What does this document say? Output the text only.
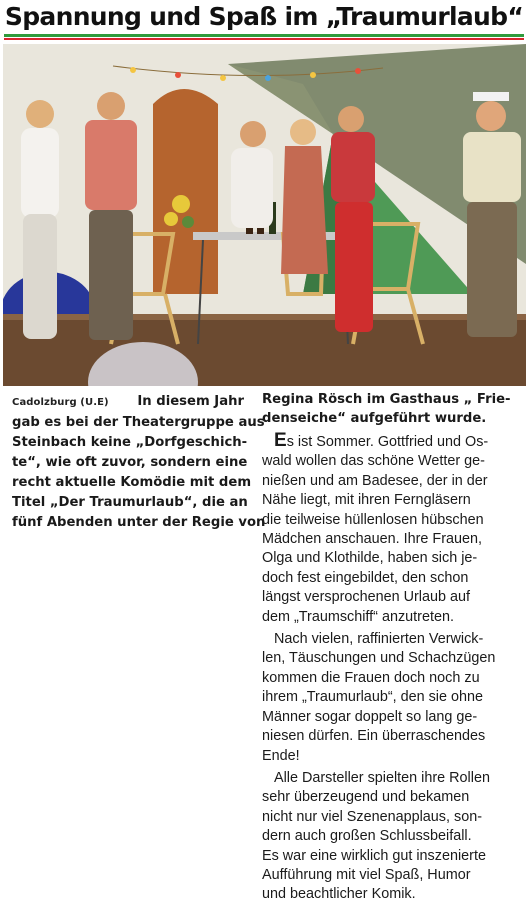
Spannung und Spaß im „Traumurlaub“
Cadolzburg (U.E) In diesem Jahr
gab es bei der Theatergruppe aus
Steinbach keine „Dorfgeschich-
te“, wie oft zuvor, sondern eine
recht aktuelle Komödie mit dem
Titel „Der Traumurlaub“, die an
fünf Abenden unter der Regie von
Regina Rösch im Gasthaus „ Frie-
denseiche“ aufgeführt wurde.
Es ist Sommer. Gottfried und Os-
wald wollen das schöne Wetter ge-
nießen und am Badesee, der in der
Nähe liegt, mit ihren Ferngläsern
die teilweise hüllenlosen hübschen
Mädchen anschauen. Ihre Frauen,
Olga und Klothilde, haben sich je-
doch fest eingebildet, den schon
längst versprochenen Urlaub auf
dem „Traumschiff“ anzutreten.
Nach vielen, raffinierten Verwick-
len, Täuschungen und Schachzügen
kommen die Frauen doch noch zu
ihrem „Traumurlaub“, den sie ohne
Männer sogar doppelt so lang ge-
niesen dürfen. Ein überraschendes
Ende!
Alle Darsteller spielten ihre Rollen
sehr überzeugend und bekamen
nicht nur viel Szenenapplaus, son-
dern auch großen Schlussbeifall.
Es war eine wirklich gut inszenierte
Aufführung mit viel Spaß, Humor
und beachtlicher Komik.
